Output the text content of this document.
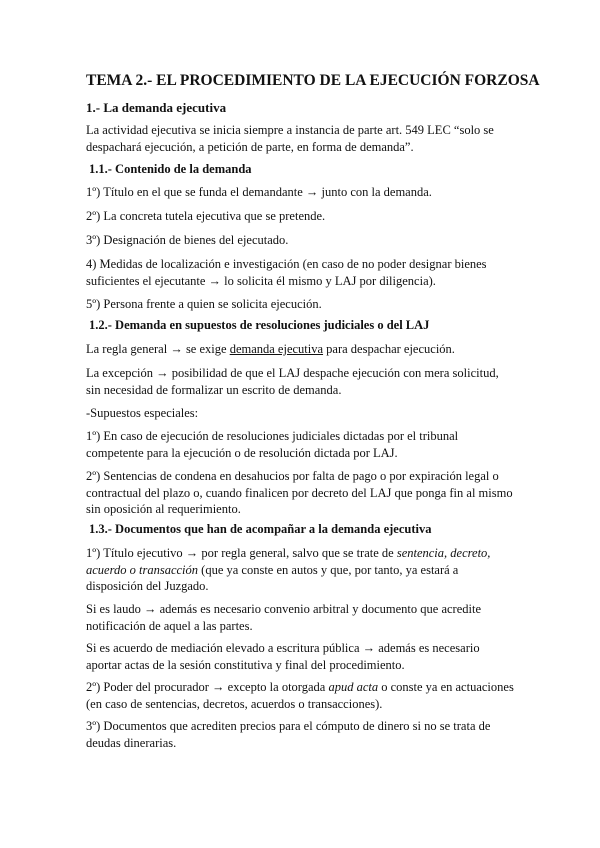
TEMA 2.- EL PROCEDIMIENTO DE LA EJECUCIÓN FORZOSA
1.- La demanda ejecutiva
La actividad ejecutiva se inicia siempre a instancia de parte art. 549 LEC “solo se despachará ejecución, a petición de parte, en forma de demanda”.
1.1.- Contenido de la demanda
1º) Título en el que se funda el demandante → junto con la demanda.
2º) La concreta tutela ejecutiva que se pretende.
3º) Designación de bienes del ejecutado.
4) Medidas de localización e investigación (en caso de no poder designar bienes suficientes el ejecutante → lo solicita él mismo y LAJ por diligencia).
5º) Persona frente a quien se solicita ejecución.
1.2.- Demanda en supuestos de resoluciones judiciales o del LAJ
La regla general → se exige demanda ejecutiva para despachar ejecución.
La excepción → posibilidad de que el LAJ despache ejecución con mera solicitud, sin necesidad de formalizar un escrito de demanda.
-Supuestos especiales:
1º) En caso de ejecución de resoluciones judiciales dictadas por el tribunal competente para la ejecución o de resolución dictada por LAJ.
2º) Sentencias de condena en desahucios por falta de pago o por expiración legal o contractual del plazo o, cuando finalicen por decreto del LAJ que ponga fin al mismo sin oposición al requerimiento.
1.3.- Documentos que han de acompañar a la demanda ejecutiva
1º) Título ejecutivo → por regla general, salvo que se trate de sentencia, decreto, acuerdo o transacción (que ya conste en autos y que, por tanto, ya estará a disposición del Juzgado.
Si es laudo → además es necesario convenio arbitral y documento que acredite notificación de aquel a las partes.
Si es acuerdo de mediación elevado a escritura pública → además es necesario aportar actas de la sesión constitutiva y final del procedimiento.
2º) Poder del procurador → excepto la otorgada apud acta o conste ya en actuaciones (en caso de sentencias, decretos, acuerdos o transacciones).
3º) Documentos que acrediten precios para el cómputo de dinero si no se trata de deudas dinerarias.
